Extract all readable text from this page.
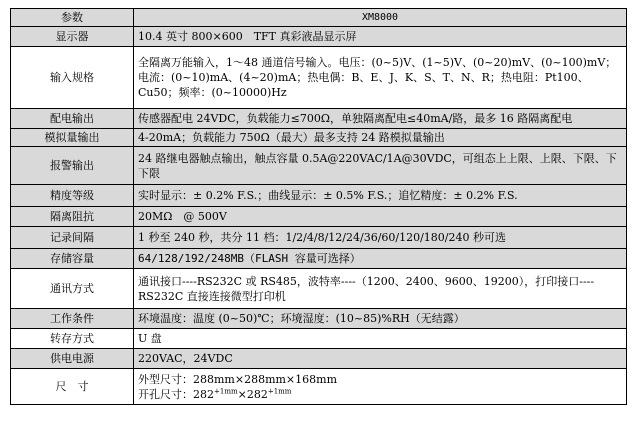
参数	XM8000
显示器	10.4 英寸 800×600　TFT 真彩液晶显示屏
输入规格	全隔离万能输入，1～48 通道信号输入。电压：(0~5)V、(1~5)V、(0~20)mV、(0~100)mV；电流：(0~10)mA、(4~20)mA；热电偶：B、E、J、K、S、T、N、R；热电阻：Pt100、Cu50；频率：(0~10000)Hz
配电输出	传感器配电 24VDC，负载能力≤700Ω，单独隔离配电≤40mA/路，最多 16 路隔离配电
模拟量输出	4-20mA；负载能力 750Ω（最大）最多支持 24 路模拟量输出
报警输出	24 路继电器触点输出，触点容量 0.5A@220VAC/1A@30VDC，可组态上上限、上限、下限、下下限
精度等级	实时显示：± 0.2% F.S.；曲线显示：± 0.5% F.S.；追忆精度：± 0.2% F.S.
隔离阻抗	20MΩ　@ 500V
记录间隔	1 秒至 240 秒，共分 11 档：1/2/4/8/12/24/36/60/120/180/240 秒可选
存储容量	64/128/192/248MB（FLASH 容量可选择）
通讯方式	通讯接口----RS232C 或 RS485，波特率----（1200、2400、9600、19200），打印接口----RS232C 直接连接微型打印机
工作条件	环境温度：温度 (0~50)℃；环境湿度：(10~85)%RH（无结露）
转存方式	U 盘
供电电源	220VAC，24VDC
尺　寸	外型尺寸：288mm×288mm×168mm
开孔尺寸：$282^{+1mm}\times 282^{+1mm}$
